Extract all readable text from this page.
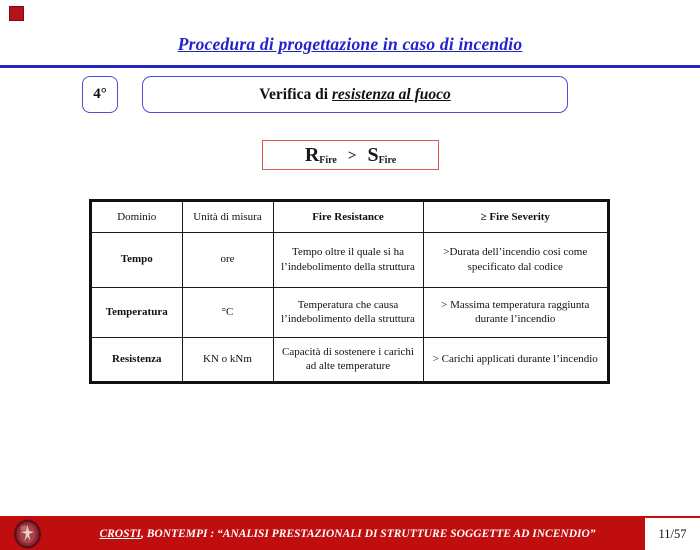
Procedura di progettazione in caso di incendio
4°	Verifica di resistenza al fuoco
RFire > SFire
Dominio	Unità di misura	Fire Resistance	≥ Fire Severity
Tempo	ore	Tempo oltre il quale si ha l’indebolimento della struttura	>Durata dell’incendio cosi come specificato dal codice
Temperatura	°C	Temperatura che causa l’indebolimento della struttura	> Massima temperatura raggiunta durante l’incendio
Resistenza	KN o kNm	Capacità di sostenere i carichi ad alte temperature	> Carichi applicati durante l’incendio
CROSTI, BONTEMPI : “ANALISI PRESTAZIONALI DI STRUTTURE SOGGETTE AD INCENDIO”	11/57
